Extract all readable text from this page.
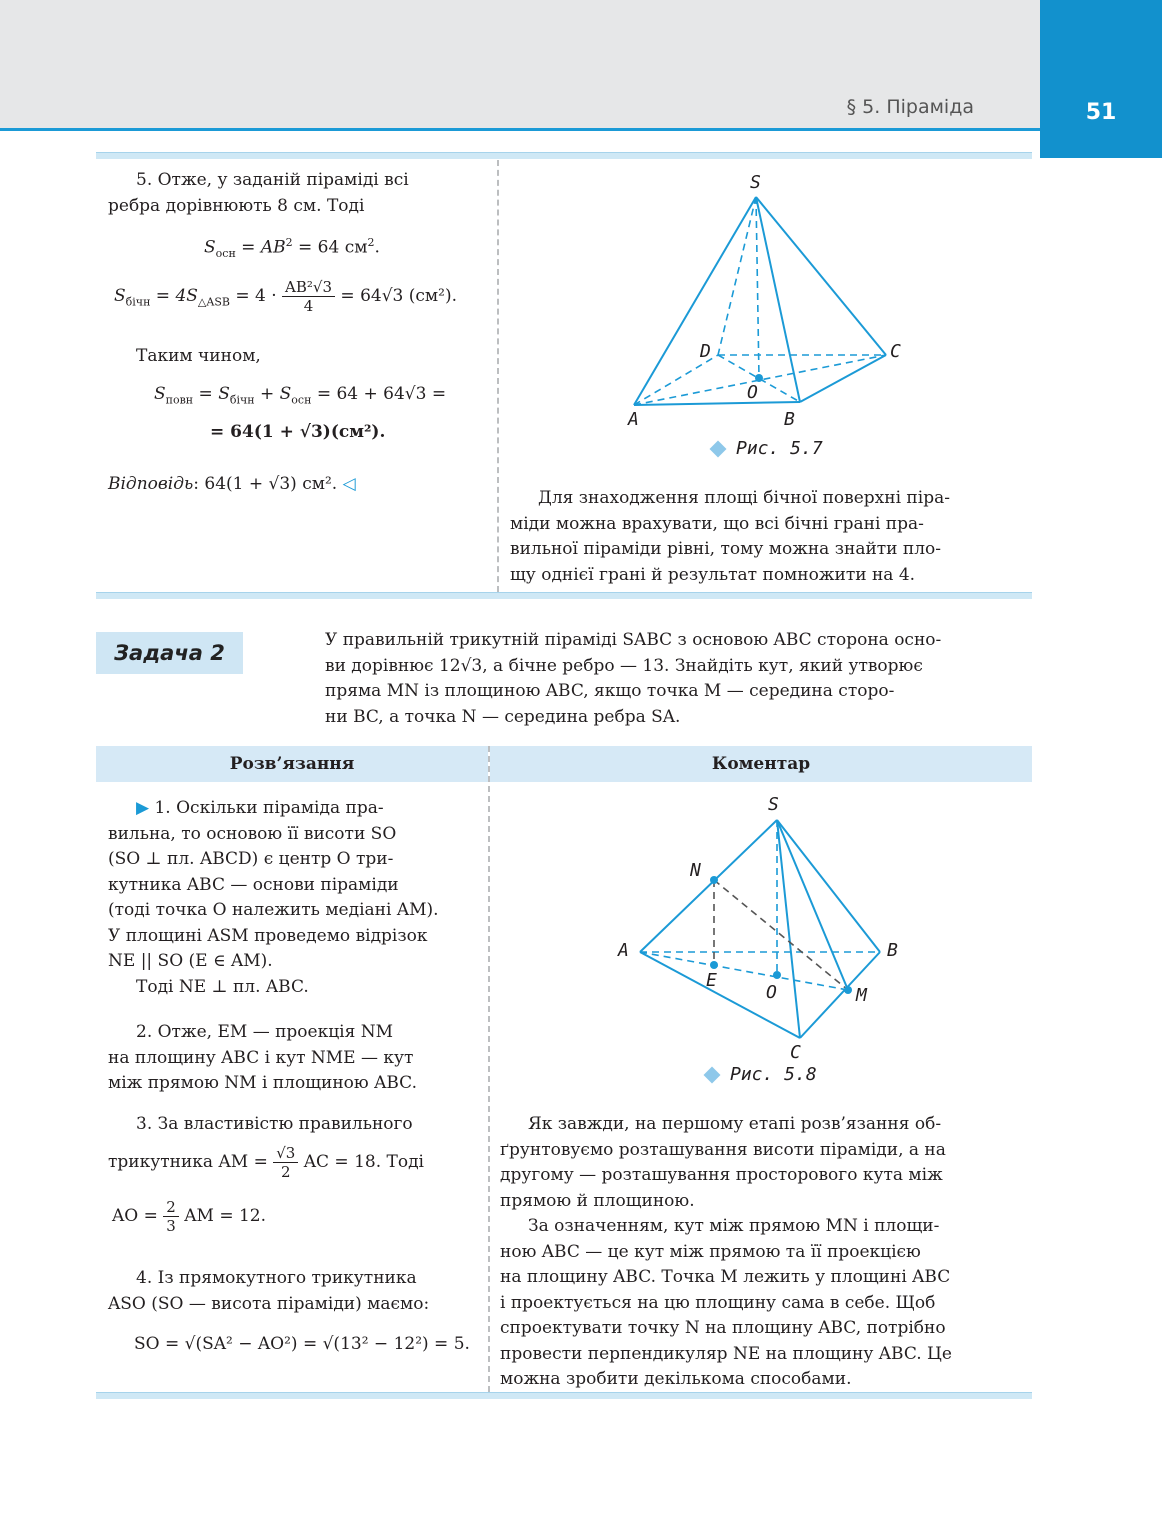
§ 5. Піраміда	51
5. Отже, у заданій піраміді всі
ребра дорівнюють 8 см. Тоді
$S_{осн} = AB^2 = 64$ $см^2$.
$S_{бічн} = 4S_{\triangle ASB} = 4 \cdot \frac{\text{AB²√3}}{4} = 64√3$ (см²).
Таким чином,
$S_{повн} = S_{бічн} + S_{осн} = 64 + 64√3$ =
= 64(1 + √3)(см²).
Відповідь: 64(1 + √3) см². ◁
S
D	C
O
A	B
Рис. 5.7
Для знаходження площі бічної поверхні піра-
міди можна врахувати, що всі бічні грані пра-
вильної піраміди рівні, тому можна знайти пло-
щу однієї грані й результат помножити на 4.
Задача 2
У правильній трикутній піраміді SABC з основою ABC сторона осно-
ви дорівнює 12√3, а бічне ребро — 13. Знайдіть кут, який утворює
пряма MN із площиною ABC, якщо точка M — середина сторо-
ни BC, а точка N — середина ребра SA.
Розв’язання	Коментар
▶ 1. Оскільки піраміда пра-
вильна, то основою її висоти SO
(SO ⊥ пл. ABCD) є центр O три-
кутника ABC — основи піраміди
(тоді точка O належить медіані AM).
У площині ASM проведемо відрізок
NE || SO (E ∈ AM).
Тоді NE ⊥ пл. ABC.
2. Отже, EM — проекція NM
на площину ABC і кут NME — кут
між прямою NM і площиною ABC.
3. За властивістю правильного
трикутника AM = $\frac{√3}{2}$ AC = 18. Тоді
AO = $\frac{2}{3}$ AM = 12.
4. Із прямокутного трикутника
ASO (SO — висота піраміди) маємо:
SO = √(SA² − AO²) = √(13² − 12²) = 5.
S
N
A	B
E
O	M
C
Рис. 5.8
Як завжди, на першому етапі розв’язання об-
ґрунтовуємо розташування висоти піраміди, а на
другому — розташування просторового кута між
прямою й площиною.
За означенням, кут між прямою MN і площи-
ною ABC — це кут між прямою та її проекцією
на площину ABC. Точка M лежить у площині ABC
і проектується на цю площину сама в себе. Щоб
спроектувати точку N на площину ABC, потрібно
провести перпендикуляр NE на площину ABC. Це
можна зробити декількома способами.
